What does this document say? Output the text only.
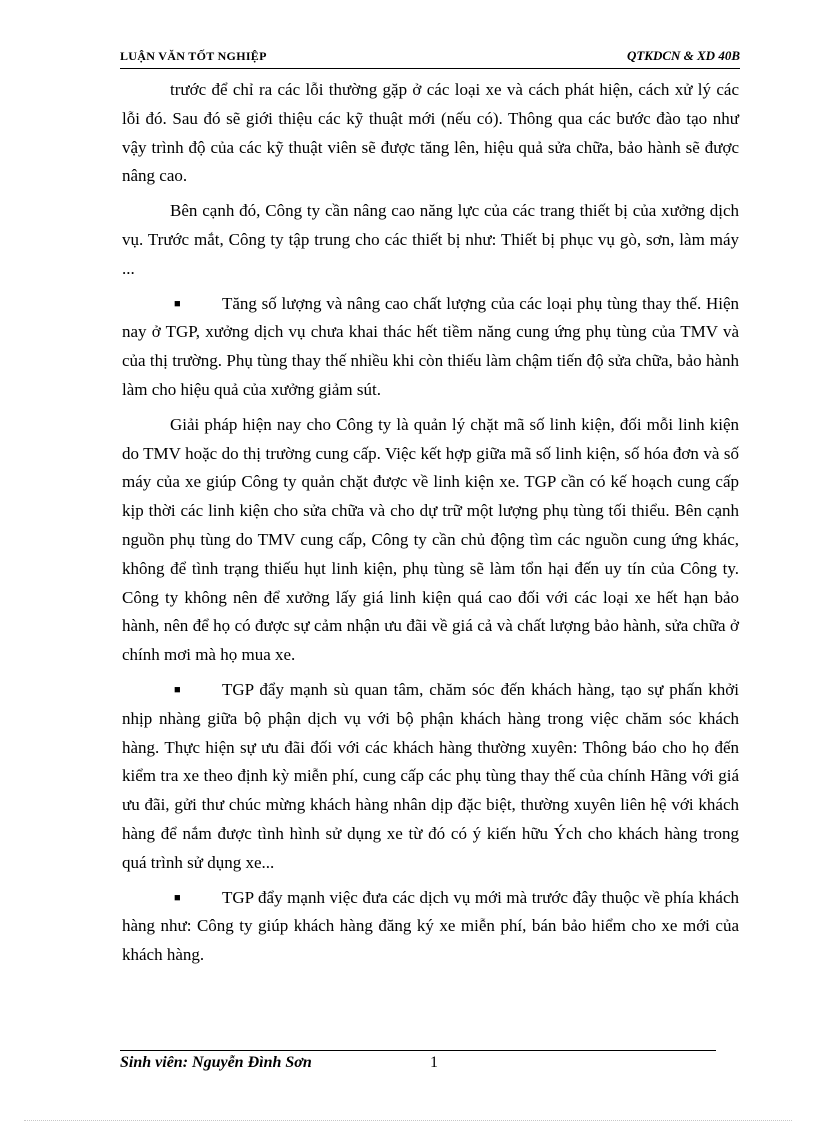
LUẬN VĂN TỐT NGHIỆP	QTKDCN & XD 40B

trước để chỉ ra các lỗi thường gặp ở các loại xe và cách phát hiện, cách xử lý các lỗi đó. Sau đó sẽ giới thiệu các kỹ thuật mới (nếu có). Thông qua các bước đào tạo như vậy trình độ của các kỹ thuật viên sẽ được tăng lên, hiệu quả sửa chữa, bảo hành sẽ được nâng cao.

Bên cạnh đó, Công ty cần nâng cao năng lực của các trang thiết bị của xưởng dịch vụ. Trước mắt, Công ty tập trung cho các thiết bị như: Thiết bị phục vụ gò, sơn, làm máy ...

■ Tăng số lượng và nâng cao chất lượng của các loại phụ tùng thay thế. Hiện nay ở TGP, xưởng dịch vụ chưa khai thác hết tiềm năng cung ứng phụ tùng của TMV và của thị trường. Phụ tùng thay thế nhiều khi còn thiếu làm chậm tiến độ sửa chữa, bảo hành làm cho hiệu quả của xưởng giảm sút.

Giải pháp hiện nay cho Công ty là quản lý chặt mã số linh kiện, đối mỗi linh kiện do TMV hoặc do thị trường cung cấp. Việc kết hợp giữa mã số linh kiện, số hóa đơn và số máy của xe giúp Công ty quản chặt được về linh kiện xe. TGP cần có kế hoạch cung cấp kịp thời các linh kiện cho sửa chữa và cho dự trữ một lượng phụ tùng tối thiểu. Bên cạnh nguồn phụ tùng do TMV cung cấp, Công ty cần chủ động tìm các nguồn cung ứng khác, không để tình trạng thiếu hụt linh kiện, phụ tùng sẽ làm tổn hại đến uy tín của Công ty. Công ty không nên để xưởng lấy giá linh kiện quá cao đối với các loại xe hết hạn bảo hành, nên để họ có được sự cảm nhận ưu đãi về giá cả và chất lượng bảo hành, sửa chữa ở chính mơi mà họ mua xe.

■ TGP đẩy mạnh sù quan tâm, chăm sóc đến khách hàng, tạo sự phấn khởi nhịp nhàng giữa bộ phận dịch vụ với bộ phận khách hàng trong việc chăm sóc khách hàng. Thực hiện sự ưu đãi đối với các khách hàng thường xuyên: Thông báo cho họ đến kiểm tra xe theo định kỳ miễn phí, cung cấp các phụ tùng thay thế của chính Hãng với giá ưu đãi, gửi thư chúc mừng khách hàng nhân dịp đặc biệt, thường xuyên liên hệ với khách hàng để nắm được tình hình sử dụng xe từ đó có ý kiến hữu Ých cho khách hàng trong quá trình sử dụng xe...
■ TGP đẩy mạnh việc đưa các dịch vụ mới mà trước đây thuộc về phía khách hàng như: Công ty giúp khách hàng đăng ký xe miễn phí, bán bảo hiểm cho xe mới của khách hàng.
Sinh viên: Nguyễn Đình Sơn	1
